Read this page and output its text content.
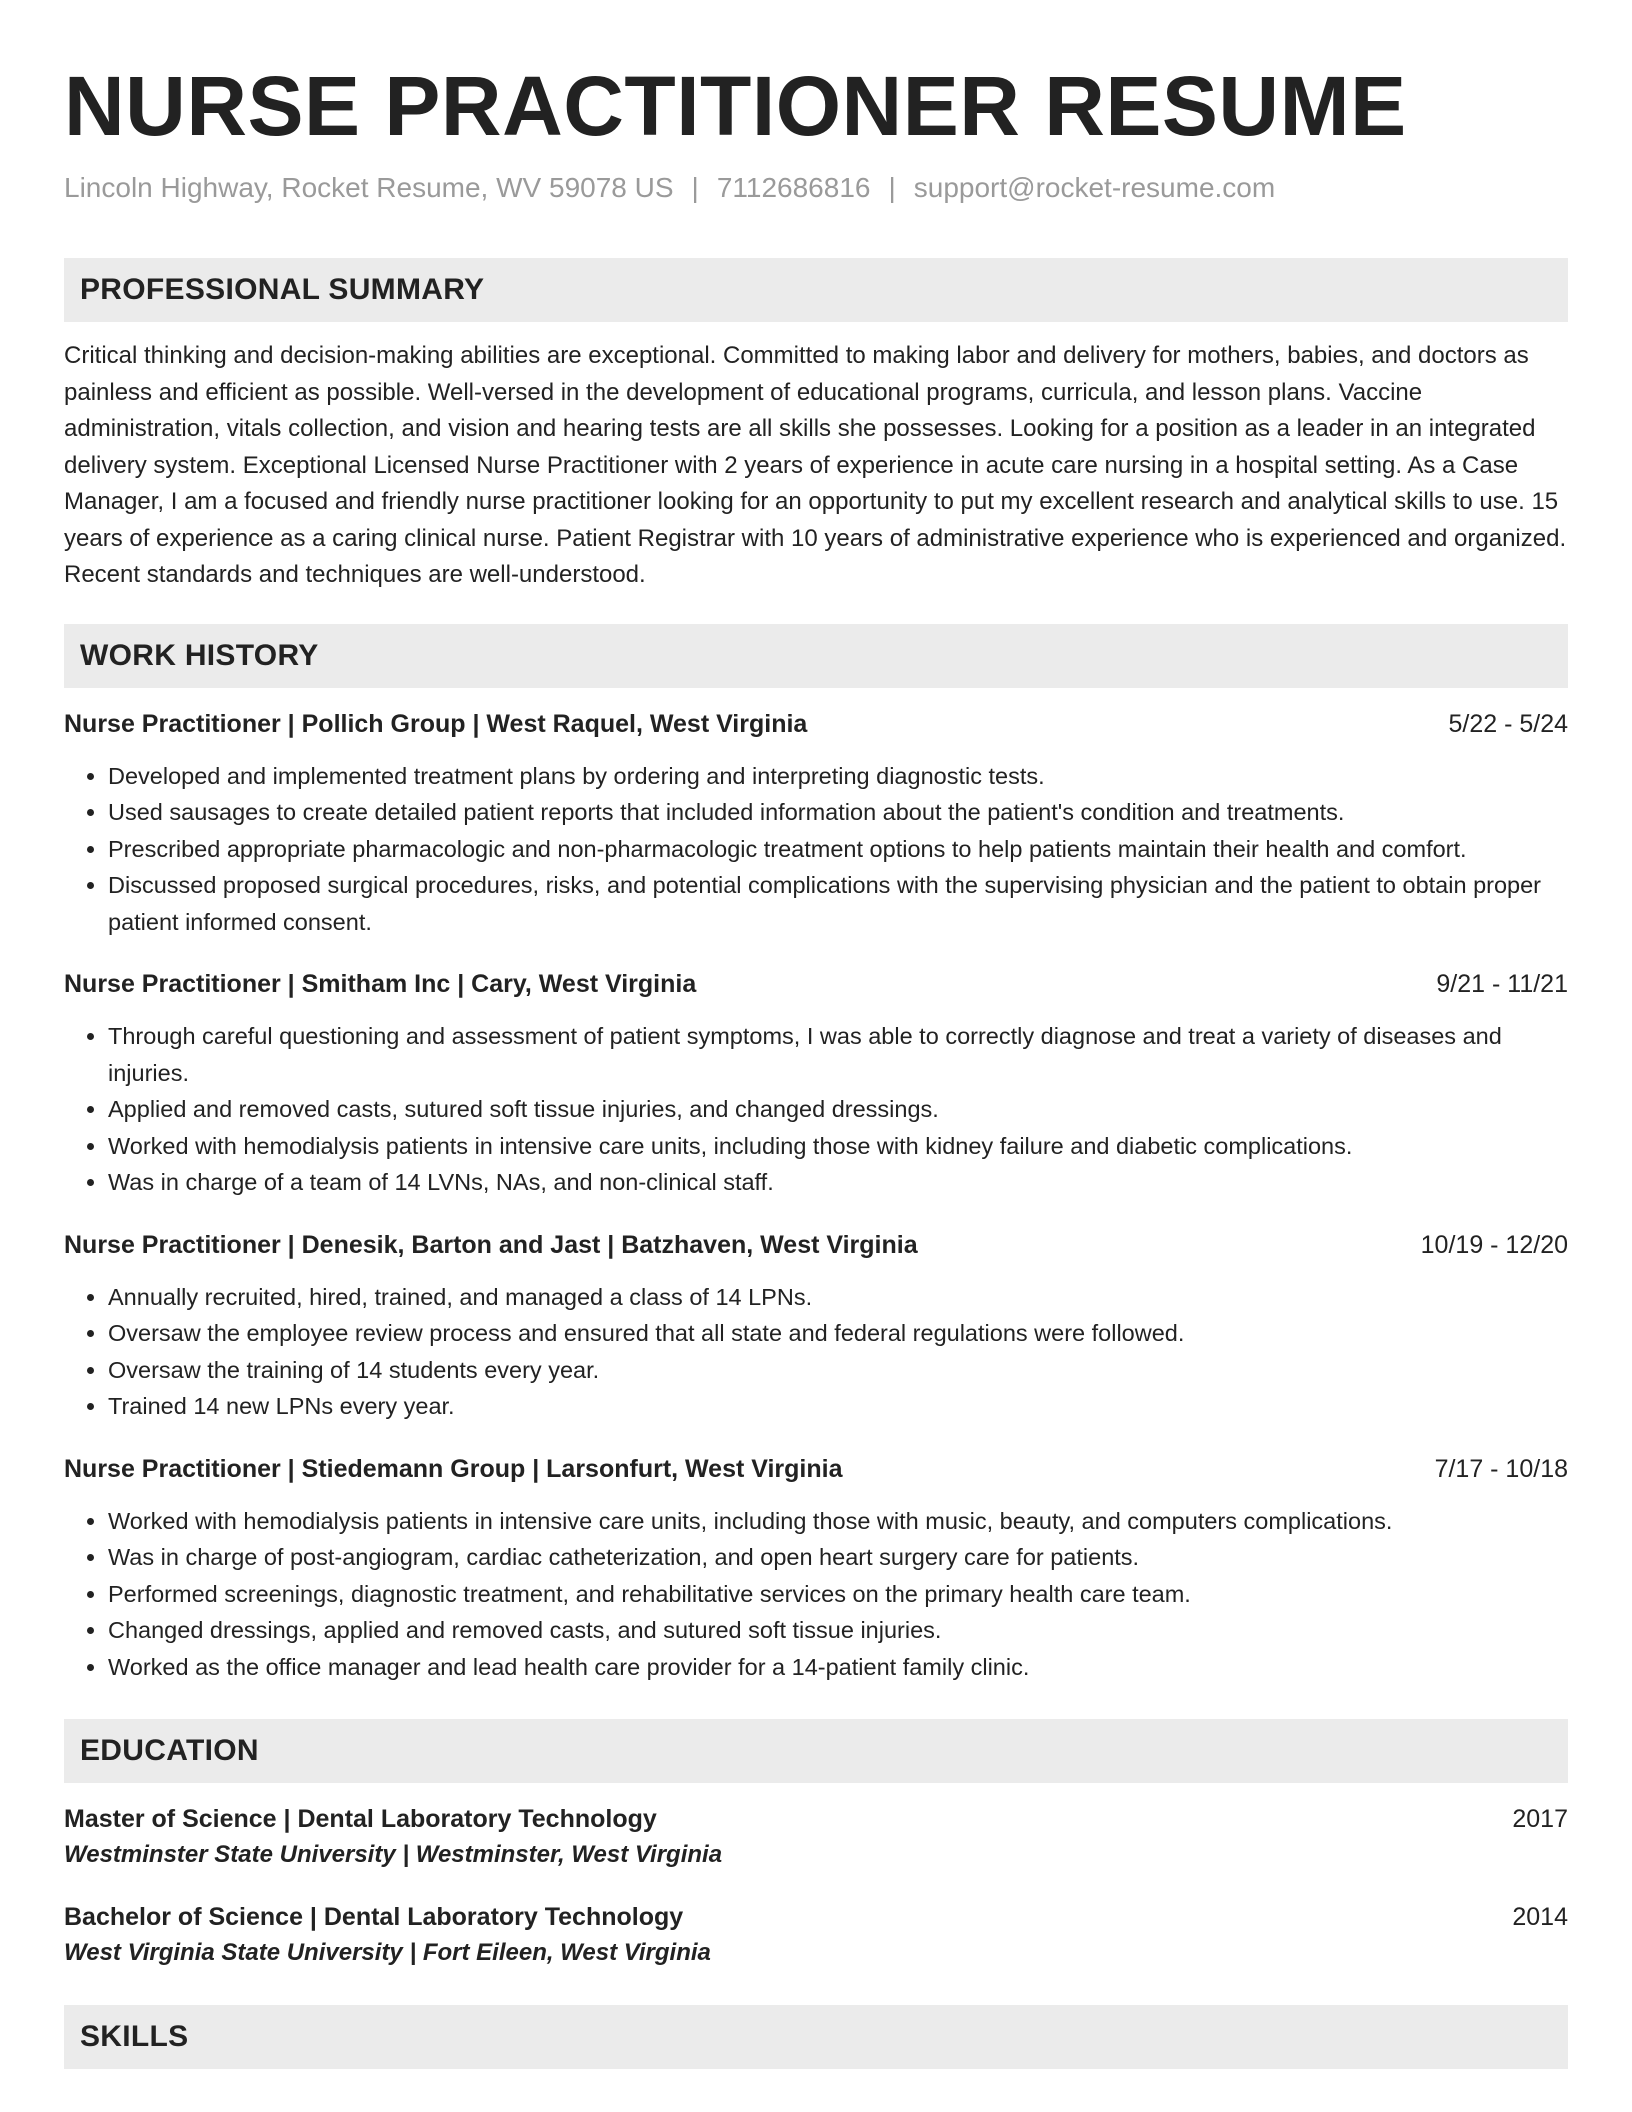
NURSE PRACTITIONER RESUME
Lincoln Highway, Rocket Resume, WV 59078 US | 7112686816 | support@rocket-resume.com
PROFESSIONAL SUMMARY

Critical thinking and decision-making abilities are exceptional. Committed to making labor and delivery for mothers, babies, and doctors as painless and efficient as possible. Well-versed in the development of educational programs, curricula, and lesson plans. Vaccine administration, vitals collection, and vision and hearing tests are all skills she possesses. Looking for a position as a leader in an integrated delivery system. Exceptional Licensed Nurse Practitioner with 2 years of experience in acute care nursing in a hospital setting. As a Case Manager, I am a focused and friendly nurse practitioner looking for an opportunity to put my excellent research and analytical skills to use. 15 years of experience as a caring clinical nurse. Patient Registrar with 10 years of administrative experience who is experienced and organized. Recent standards and techniques are well-understood.

WORK HISTORY
Nurse Practitioner | Pollich Group | West Raquel, West Virginia	5/22 - 5/24
• Developed and implemented treatment plans by ordering and interpreting diagnostic tests.
• Used sausages to create detailed patient reports that included information about the patient's condition and treatments.
• Prescribed appropriate pharmacologic and non-pharmacologic treatment options to help patients maintain their health and comfort.
• Discussed proposed surgical procedures, risks, and potential complications with the supervising physician and the patient to obtain proper patient informed consent.
Nurse Practitioner | Smitham Inc | Cary, West Virginia	9/21 - 11/21
• Through careful questioning and assessment of patient symptoms, I was able to correctly diagnose and treat a variety of diseases and injuries.
• Applied and removed casts, sutured soft tissue injuries, and changed dressings.
• Worked with hemodialysis patients in intensive care units, including those with kidney failure and diabetic complications.
• Was in charge of a team of 14 LVNs, NAs, and non-clinical staff.
Nurse Practitioner | Denesik, Barton and Jast | Batzhaven, West Virginia	10/19 - 12/20
• Annually recruited, hired, trained, and managed a class of 14 LPNs.
• Oversaw the employee review process and ensured that all state and federal regulations were followed.
• Oversaw the training of 14 students every year.
• Trained 14 new LPNs every year.
Nurse Practitioner | Stiedemann Group | Larsonfurt, West Virginia	7/17 - 10/18
• Worked with hemodialysis patients in intensive care units, including those with music, beauty, and computers complications.
• Was in charge of post-angiogram, cardiac catheterization, and open heart surgery care for patients.
• Performed screenings, diagnostic treatment, and rehabilitative services on the primary health care team.
• Changed dressings, applied and removed casts, and sutured soft tissue injuries.
• Worked as the office manager and lead health care provider for a 14-patient family clinic.
EDUCATION
Master of Science | Dental Laboratory Technology	2017
Westminster State University | Westminster, West Virginia
Bachelor of Science | Dental Laboratory Technology	2014
West Virginia State University | Fort Eileen, West Virginia
SKILLS
